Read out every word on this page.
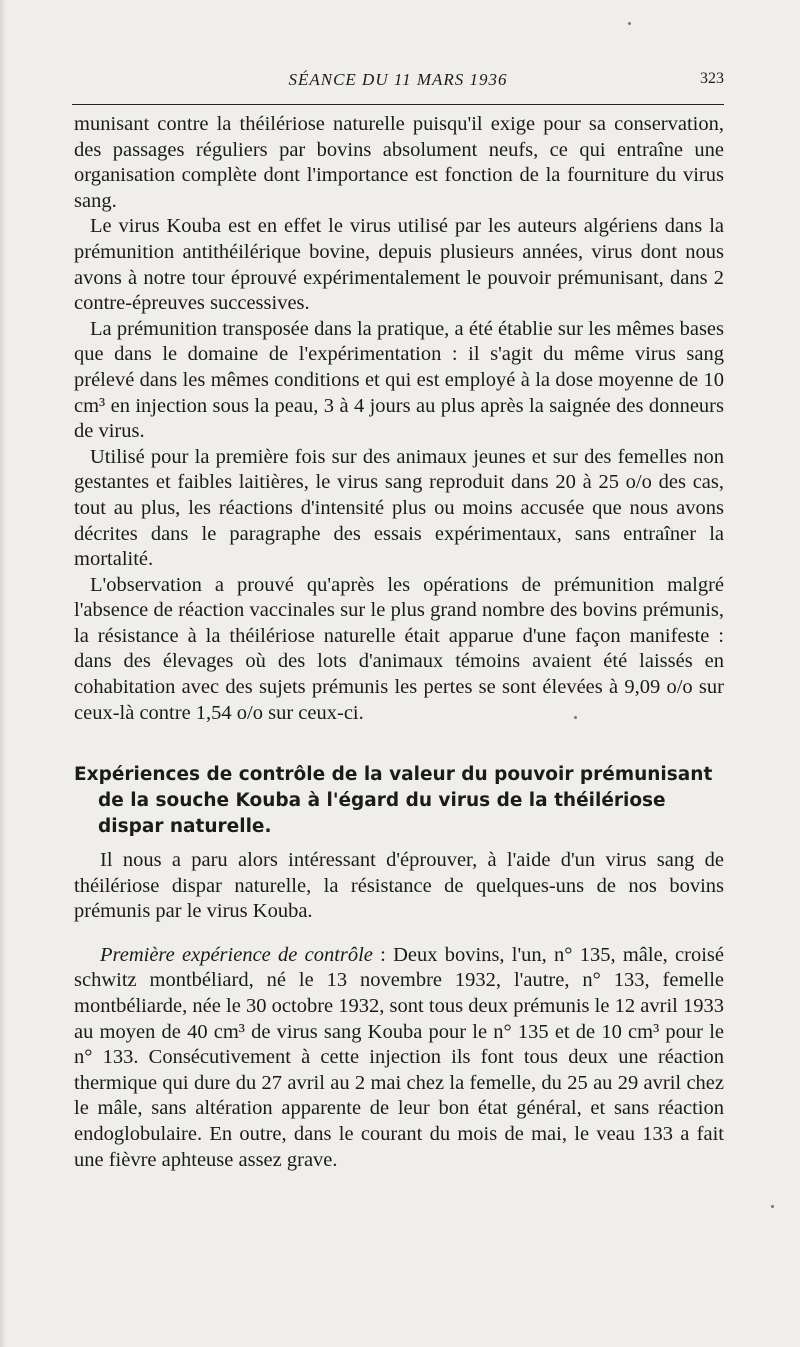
SÉANCE DU 11 MARS 1936	323

munisant contre la théilériose naturelle puisqu'il exige pour sa conservation, des passages réguliers par bovins absolument neufs, ce qui entraîne une organisation complète dont l'importance est fonction de la fourniture du virus sang.

Le virus Kouba est en effet le virus utilisé par les auteurs algériens dans la prémunition antithéilérique bovine, depuis plusieurs années, virus dont nous avons à notre tour éprouvé expérimentalement le pouvoir prémunisant, dans 2 contre-épreuves successives.

La prémunition transposée dans la pratique, a été établie sur les mêmes bases que dans le domaine de l'expérimentation : il s'agit du même virus sang prélevé dans les mêmes conditions et qui est employé à la dose moyenne de 10 cm³ en injection sous la peau, 3 à 4 jours au plus après la saignée des donneurs de virus.

Utilisé pour la première fois sur des animaux jeunes et sur des femelles non gestantes et faibles laitières, le virus sang reproduit dans 20 à 25 o/o des cas, tout au plus, les réactions d'intensité plus ou moins accusée que nous avons décrites dans le paragraphe des essais expérimentaux, sans entraîner la mortalité.

L'observation a prouvé qu'après les opérations de prémunition malgré l'absence de réaction vaccinales sur le plus grand nombre des bovins prémunis, la résistance à la théilériose naturelle était apparue d'une façon manifeste : dans des élevages où des lots d'animaux témoins avaient été laissés en cohabitation avec des sujets prémunis les pertes se sont élevées à 9,09 o/o sur ceux-là contre 1,54 o/o sur ceux-ci.

Expériences de contrôle de la valeur du pouvoir prémunisant de la souche Kouba à l'égard du virus de la théilériose dispar naturelle.

Il nous a paru alors intéressant d'éprouver, à l'aide d'un virus sang de théilériose dispar naturelle, la résistance de quelques-uns de nos bovins prémunis par le virus Kouba.

Première expérience de contrôle : Deux bovins, l'un, n° 135, mâle, croisé schwitz montbéliard, né le 13 novembre 1932, l'autre, n° 133, femelle montbéliarde, née le 30 octobre 1932, sont tous deux prémunis le 12 avril 1933 au moyen de 40 cm³ de virus sang Kouba pour le n° 135 et de 10 cm³ pour le n° 133. Consécutivement à cette injection ils font tous deux une réaction thermique qui dure du 27 avril au 2 mai chez la femelle, du 25 au 29 avril chez le mâle, sans altération apparente de leur bon état général, et sans réaction endoglobulaire. En outre, dans le courant du mois de mai, le veau 133 a fait une fièvre aphteuse assez grave.
